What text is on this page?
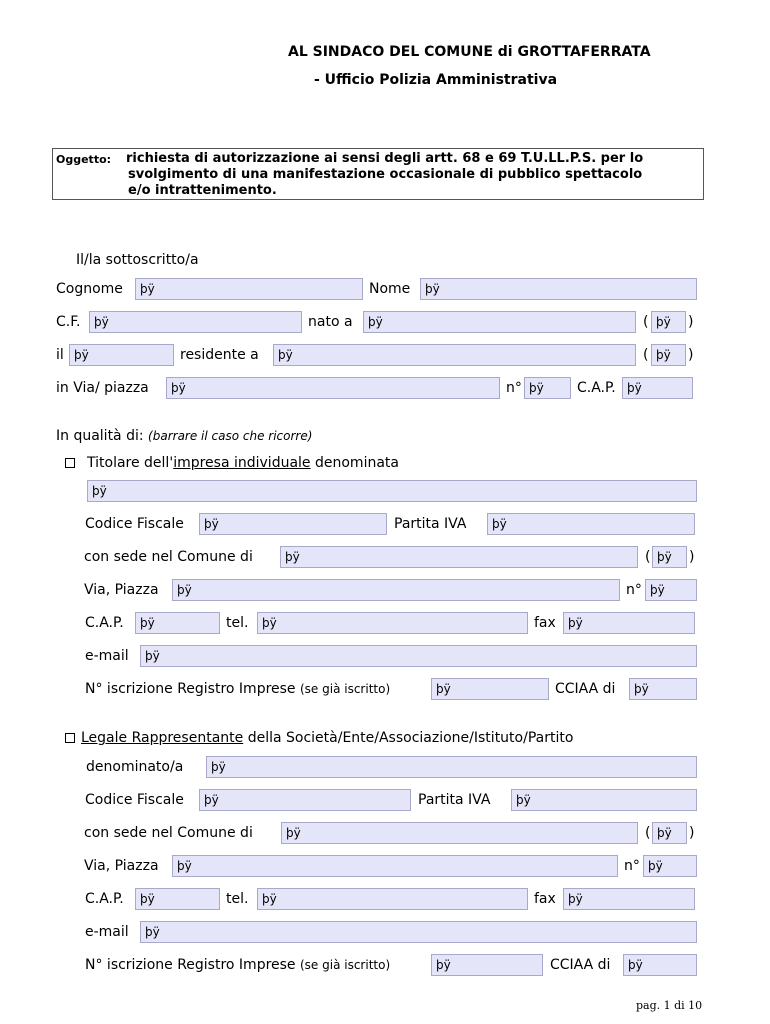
AL SINDACO DEL COMUNE di GROTTAFERRATA
- Ufficio Polizia Amministrativa
Oggetto: richiesta di autorizzazione ai sensi degli artt. 68 e 69 T.U.LL.P.S. per lo
svolgimento di una manifestazione occasionale di pubblico spettacolo
e/o intrattenimento.
Il/la sottoscritto/a
Cognome	þÿ	Nome	þÿ
C.F.	þÿ	nato a	þÿ	( þÿ	)
il þÿ	residente a	þÿ	( þÿ	)
in Via/ piazza	þÿ	n° þÿ	C.A.P. þÿ
In qualità di: (barrare il caso che ricorre)
Titolare dell'impresa individuale denominata
þÿ
Codice Fiscale	þÿ	Partita IVA	þÿ
con sede nel Comune di	þÿ	( þÿ	)
Via, Piazza	þÿ	n° þÿ
C.A.P.	þÿ	tel.	þÿ	fax	þÿ
e-mail	þÿ
N° iscrizione Registro Imprese (se già iscritto)	þÿ	CCIAA di	þÿ
Legale Rappresentante della Società/Ente/Associazione/Istituto/Partito
denominato/a	þÿ
Codice Fiscale	þÿ	Partita IVA	þÿ
con sede nel Comune di	þÿ	( þÿ	)
Via, Piazza	þÿ	n° þÿ
C.A.P.	þÿ	tel.	þÿ	fax	þÿ
e-mail	þÿ
N° iscrizione Registro Imprese (se già iscritto)	þÿ	CCIAA di	þÿ
pag. 1 di 10
